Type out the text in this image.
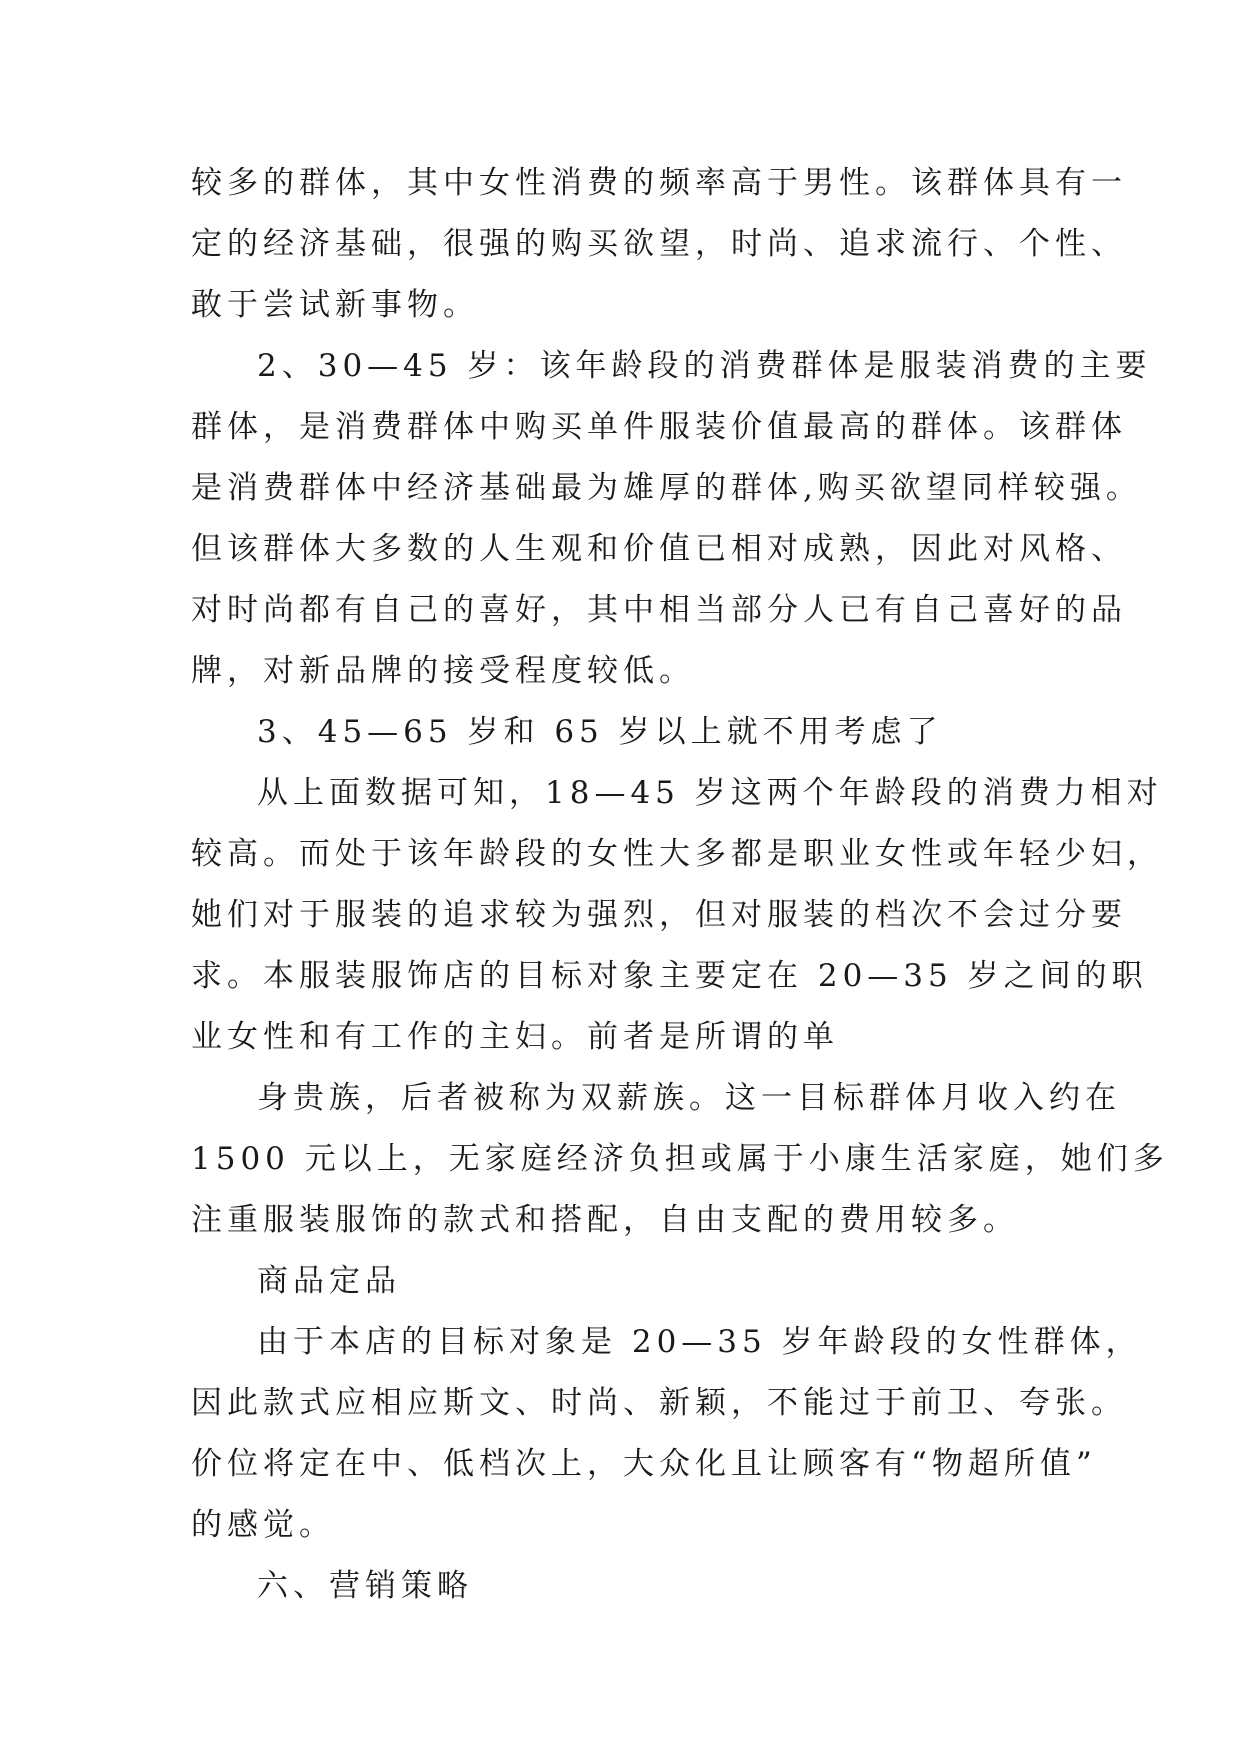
较多的群体，其中女性消费的频率高于男性。该群体具有一
定的经济基础，很强的购买欲望，时尚、追求流行、个性、
敢于尝试新事物。
2、30—45 岁：该年龄段的消费群体是服装消费的主要
群体，是消费群体中购买单件服装价值最高的群体。该群体
是消费群体中经济基础最为雄厚的群体,购买欲望同样较强。
但该群体大多数的人生观和价值已相对成熟，因此对风格、
对时尚都有自己的喜好，其中相当部分人已有自己喜好的品
牌，对新品牌的接受程度较低。
3、45—65 岁和 65 岁以上就不用考虑了
从上面数据可知，18—45 岁这两个年龄段的消费力相对
较高。而处于该年龄段的女性大多都是职业女性或年轻少妇，
她们对于服装的追求较为强烈，但对服装的档次不会过分要
求。本服装服饰店的目标对象主要定在 20—35 岁之间的职
业女性和有工作的主妇。前者是所谓的单
身贵族，后者被称为双薪族。这一目标群体月收入约在
1500 元以上，无家庭经济负担或属于小康生活家庭，她们多
注重服装服饰的款式和搭配，自由支配的费用较多。
商品定品
由于本店的目标对象是 20—35 岁年龄段的女性群体，
因此款式应相应斯文、时尚、新颖，不能过于前卫、夸张。
价位将定在中、低档次上，大众化且让顾客有“物超所值”
的感觉。
六、营销策略
